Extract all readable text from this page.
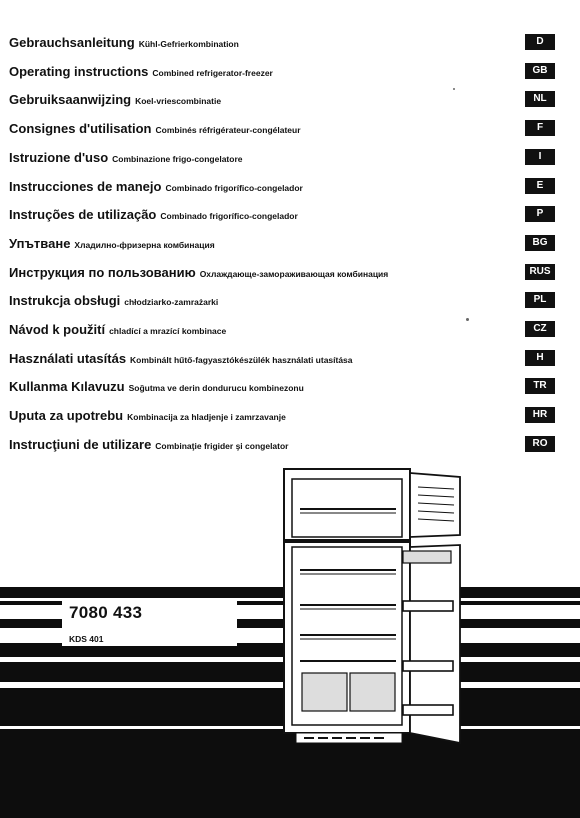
Gebrauchsanleitung Kühl-Gefrierkombination	D
Operating instructions Combined refrigerator-freezer	GB
Gebruiksaanwijzing Koel-vriescombinatie	NL
Consignes d'utilisation Combinés réfrigérateur-congélateur	F
Istruzione d'uso Combinazione frigo-congelatore	I
Instrucciones de manejo Combinado frigorífico-congelador	E
Instruções de utilização Combinado frigorífico-congelador	P
Упътване Хладилно-фризерна комбинация	BG
Инструкция по пользованию Охлаждающе-замораживающая комбинация	RUS
Instrukcja obsługi chłodziarko-zamrażarki	PL
Návod k použití chladící a mrazící kombinace	CZ
Használati utasítás Kombinált hűtő-fagyasztókészülék használati utasítása	H
Kullanma Kılavuzu Soğutma ve derin dondurucu kombinezonu	TR
Uputa za upotrebu Kombinacija za hladjenje i zamrzavanje	HR
Instrucţiuni de utilizare Combinaţie frigider şi congelator	RO
7080 433
KDS 401
